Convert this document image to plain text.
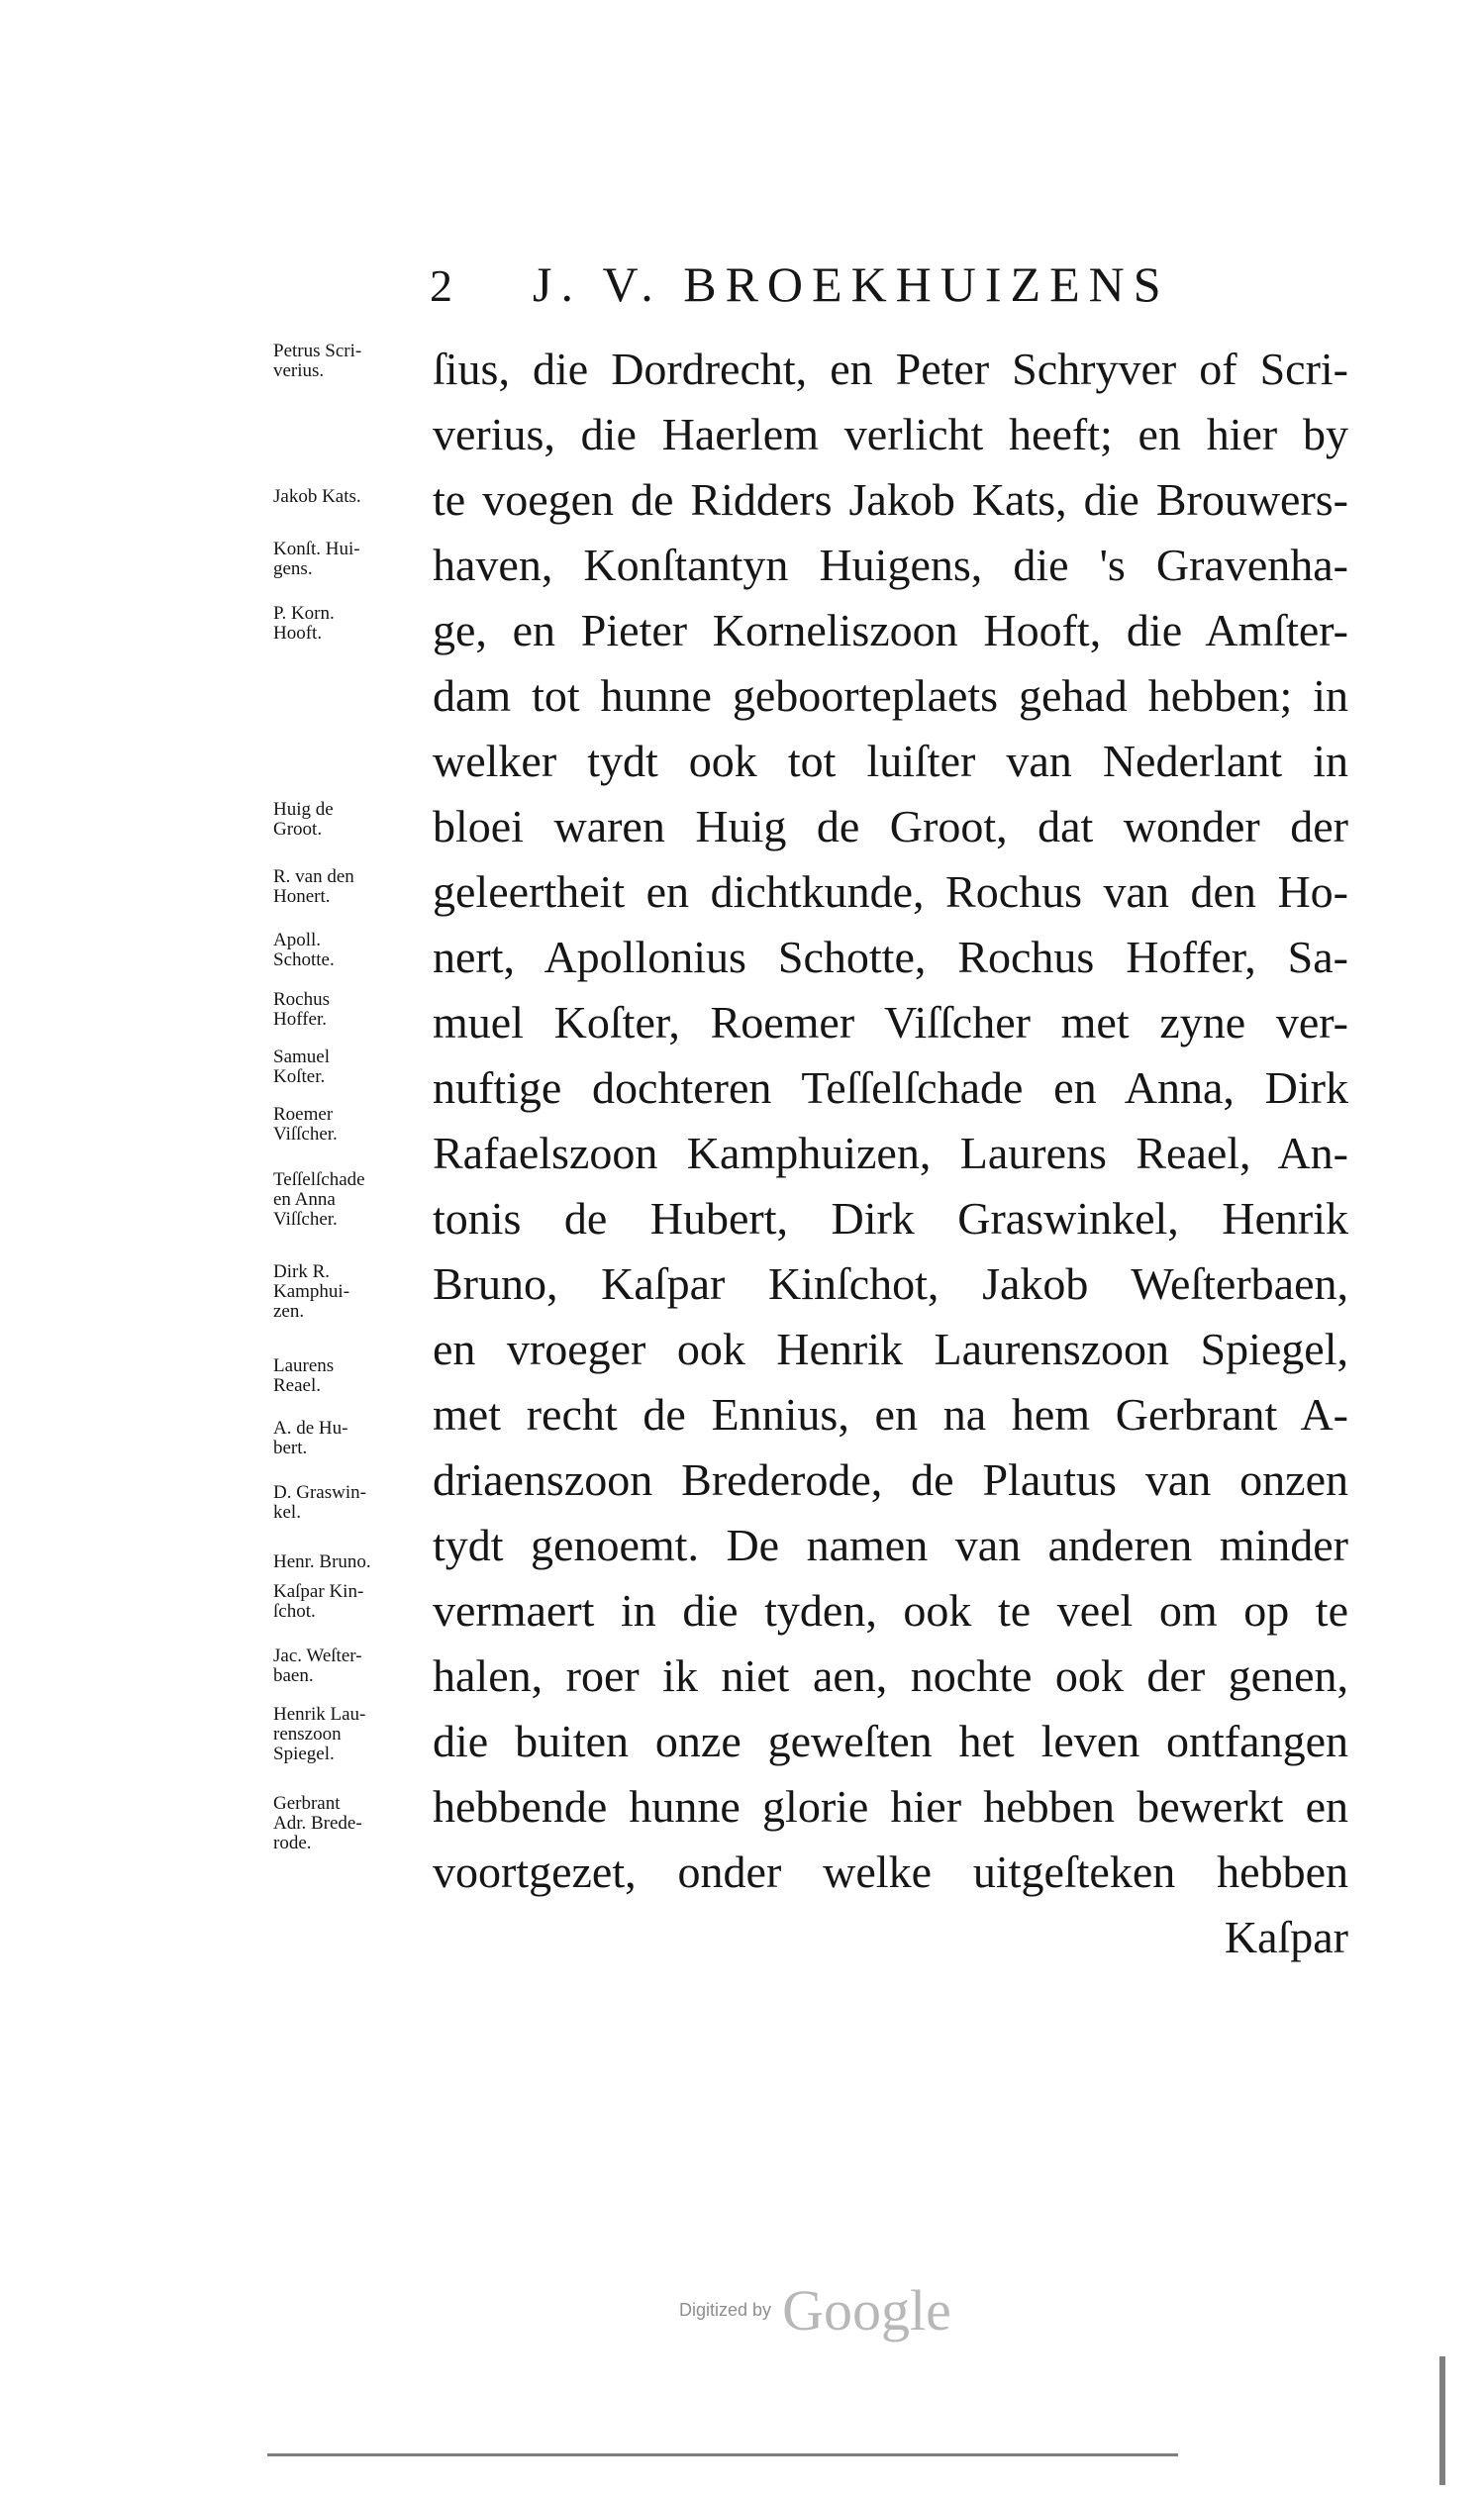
2 J. V. BROEKHUIZENS
ſius, die Dordrecht, en Peter Schryver of Scri-
verius, die Haerlem verlicht heeft; en hier by
te voegen de Ridders Jakob Kats, die Brouwers-
haven, Konſtantyn Huigens, die 's Gravenha-
ge, en Pieter Korneliszoon Hooft, die Amſter-
dam tot hunne geboorteplaets gehad hebben; in
welker tydt ook tot luiſter van Nederlant in
bloei waren Huig de Groot, dat wonder der
geleertheit en dichtkunde, Rochus van den Ho-
nert, Apollonius Schotte, Rochus Hoffer, Sa-
muel Koſter, Roemer Viſſcher met zyne ver-
nuftige dochteren Teſſelſchade en Anna, Dirk
Rafaelszoon Kamphuizen, Laurens Reael, An-
tonis de Hubert, Dirk Graswinkel, Henrik
Bruno, Kaſpar Kinſchot, Jakob Weſterbaen,
en vroeger ook Henrik Laurenszoon Spiegel,
met recht de Ennius, en na hem Gerbrant A-
driaenszoon Brederode, de Plautus van onzen
tydt genoemt. De namen van anderen minder
vermaert in die tyden, ook te veel om op te
halen, roer ik niet aen, nochte ook der genen,
die buiten onze geweſten het leven ontfangen
hebbende hunne glorie hier hebben bewerkt en
voortgezet, onder welke uitgeſteken hebben
Kaſpar
Petrus Scri-
verius.
Jakob Kats.
Konſt. Hui-
gens.
P. Korn.
Hooft.
Huig de
Groot.
R. van den
Honert.
Apoll.
Schotte.
Rochus
Hoffer.
Samuel
Koſter.
Roemer
Viſſcher.
Teſſelſchade
en Anna
Viſſcher.
Dirk R.
Kamphui-
zen.
Laurens
Reael.
A. de Hu-
bert.
D. Graswin-
kel.
Henr. Bruno.
Kaſpar Kin-
ſchot.
Jac. Weſter-
baen.
Henrik Lau-
renszoon
Spiegel.
Gerbrant
Adr. Brede-
rode.
Digitized by Google
